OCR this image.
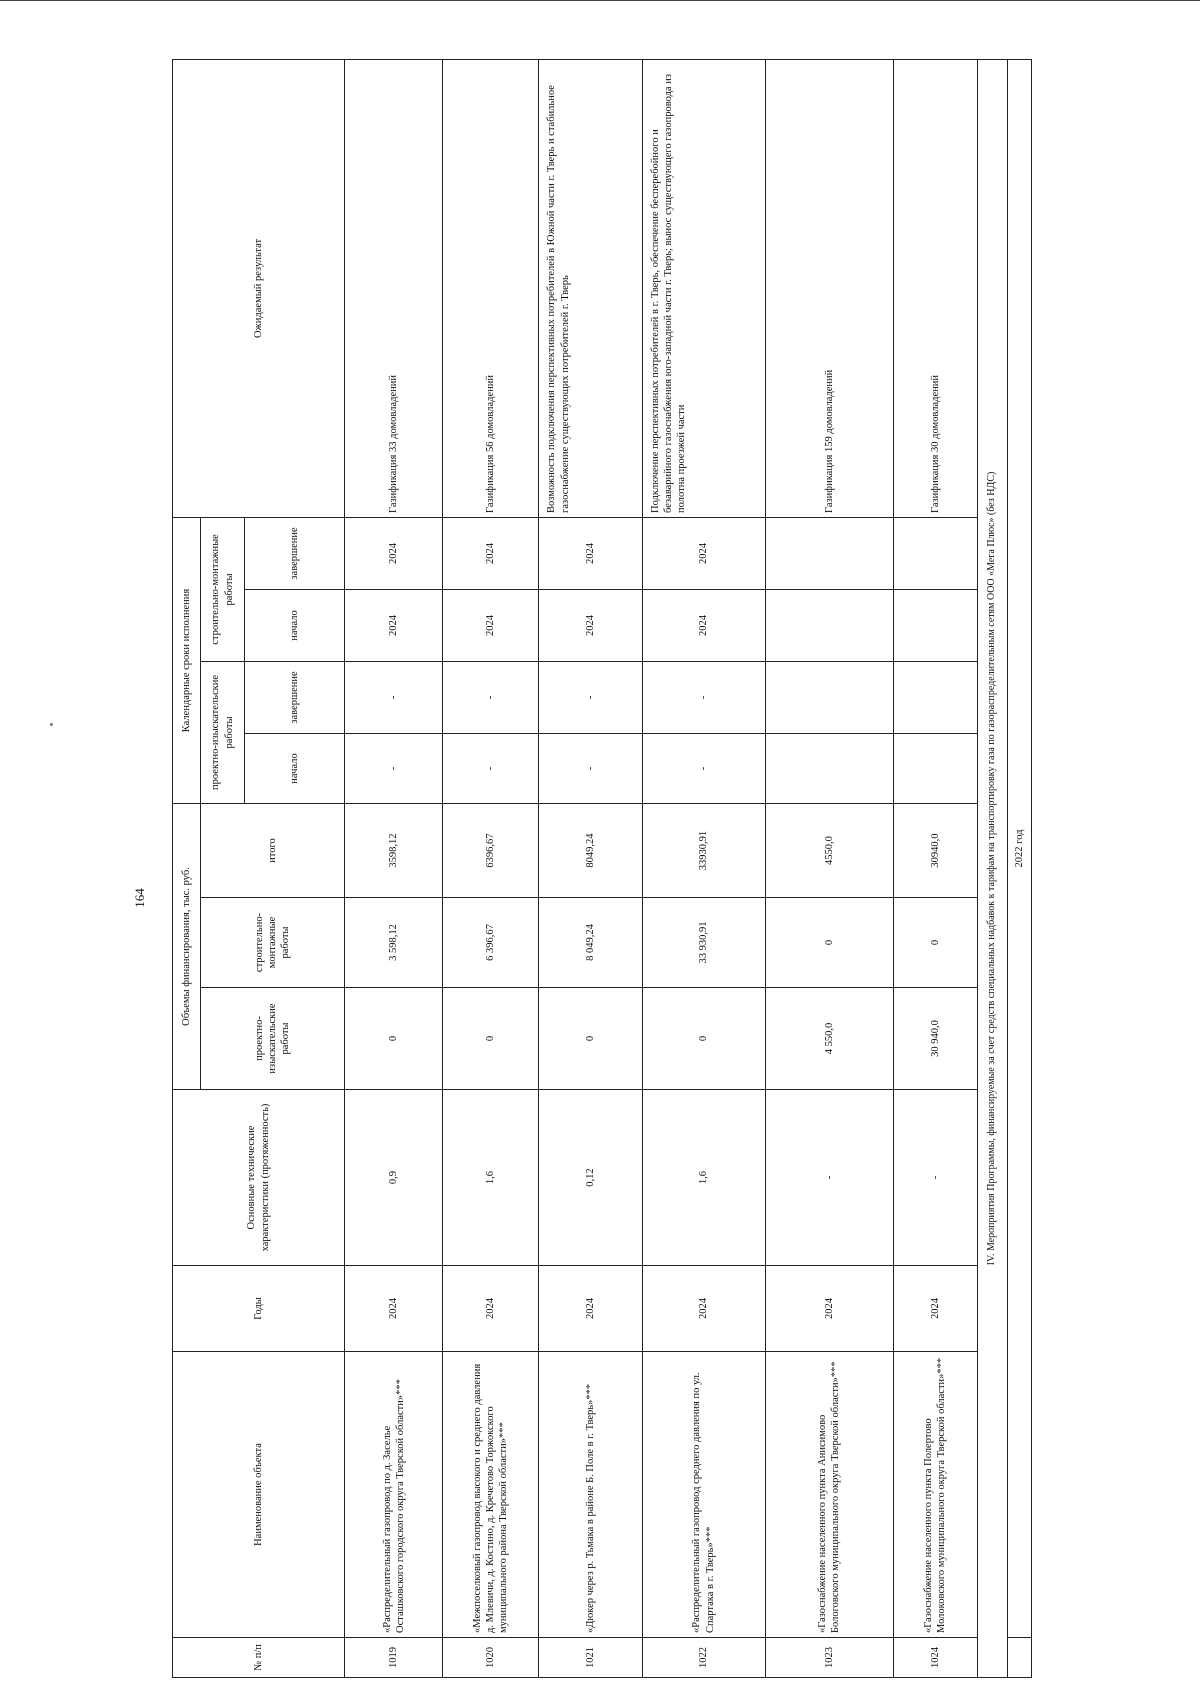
164
№ п/п	Наименование объекта	Годы	Основные технические характеристики (протяженность)	Объемы финансирования, тыс. руб.			Календарные сроки исполнения				Ожидаемый результат
				проектно-изыскательские работы	строительно-монтажные работы	итого	проектно-изыскательские работы		строительно-монтажные работы		
							начало	завершение	начало	завершение	
1019	«Распределительный газопровод по д. Заселье Осташковского городского округа Тверской области»***	2024	0,9	0	3 598,12	3598,12	-	-	2024	2024	Газификация 33 домовладений
1020	«Межпоселковый газопровод высокого и среднего давления д. Млевичи, д. Костино, д. Кречетово Торжокского муниципального района Тверской области»***	2024	1,6	0	6 396,67	6396,67	-	-	2024	2024	Газификация 56 домовладений
1021	«Дюкер через р. Тьмака в районе Б. Поле в г. Тверь»***	2024	0,12	0	8 049,24	8049,24	-	-	2024	2024	Возможность подключения перспективных потребителей в Южной части г. Тверь и стабильное газоснабжение существующих потребителей г. Тверь
1022	«Распределительный газопровод среднего давления по ул. Спартака в г. Тверь»***	2024	1,6	0	33 930,91	33930,91	-	-	2024	2024	Подключение перспективных потребителей в г. Тверь, обеспечение бесперебойного и безаварийного газоснабжения юго-западной части г. Тверь; вынос существующего газопровода из полотна проезжей части
1023	«Газоснабжение населенного пункта Анисимово Бологовского муниципального округа Тверской области»***	2024	-	4 550,0	0	4550,0					Газификация 159 домовладений
1024	«Газоснабжение населенного пункта Полертово Молоковского муниципального округа Тверской области»***	2024	-	30 940,0	0	30940,0					Газификация 30 домовладений
IV. Мероприятия Программы, финансируемые за счет средств специальных надбавок к тарифам на транспортировку газа по газораспределительным сетям ООО «Мега Плюс» (без НДС)											
	2022 год										
